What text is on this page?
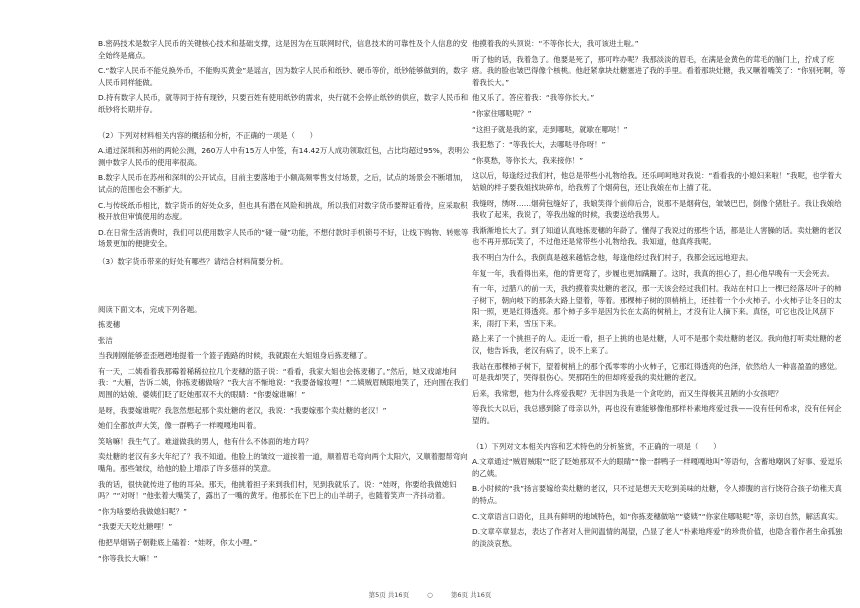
B.密码技术是数字人民币的关键核心技术和基础支撑，这是因为在互联网时代，信息技术的可靠性及个人信息的安全始终是痛点。

C.“数字人民币不能兑换外币，不能购买黄金”是谣言，因为数字人民币和纸钞、硬币等价，纸钞能够做到的，数字人民币同样能做。

D.持有数字人民币，就等同于持有现钞，只要百姓有使用纸钞的需求，央行就不会停止纸钞的供应，数字人民币和纸钞将长期并存。

（2）下列对材料相关内容的概括和分析，不正确的一项是（　　）

A.通过深圳和苏州的两轮公测，260万人中有15万人中签，有14.42万人成功领取红包，占比均超过95%，表明公测中数字人民币的使用率很高。

B.数字人民币在苏州和深圳的公开试点，目前主要落地于小额高频零售支付场景，之后，试点的场景会不断增加，试点的范围也会不断扩大。

C.与传统纸币相比，数字货币的好处众多，但也具有潜在风险和挑战，所以我们对数字货币要辩证看待，应采取积极开放但审慎使用的态度。

D.在日常生活消费时，我们可以使用数字人民币的“碰一碰”功能，不想付款时手机锁号不好，让线下购物、转账等场景更加的便捷安全。

（3）数字货币带来的好处有哪些？请结合材料简要分析。

阅读下面文本，完成下列各题。

拣麦穗

张洁

当我刚刚能够歪歪趔趔地提着一个篮子跑路的时候，我就跟在大姐姐身后拣麦穗了。

有一天，二姨看着我那霉着稀稀拉拉几个麦穗的篮子说：“看看，我家大姐也会拣麦穗了。”然后，她又戏谑地问我：“大雁，告诉二姨，你拣麦穗做啥？”我大言不惭地说：“我要备嫁妆哩！”二姨贼眉贼眼地笑了，还向围在我们周围的姑娘、婆姨们眨了眨她那双不大的眼睛：“你要嫁谁嘛！”

是呀，我要嫁谁呢？我忽然想起那个卖灶糖的老汉，我说：“我要嫁那个卖灶糖的老汉！”

她们全都放声大笑，像一群鸭子一样嘎嘎地叫着。

笑啥嘛！我生气了。难道做我的男人，他有什么不体面的地方吗？

卖灶糖的老汉有多大年纪了？我不知道。他脸上的皱纹一道挨着一道，顺着眉毛弯向两个太阳穴，又顺着腮帮弯向嘴角。那些皱纹，给他的脸上增添了许多慈祥的笑意。

我的话，很快就传进了他的耳朵。那天，他挑着担子来到我们村，见到我就乐了。说：“娃呀，你要给我做媳妇吗？”“对呀！”他张着大嘴笑了，露出了一嘴的黄牙。他那长在下巴上的山羊胡子，也随着笑声一齐抖动着。

“你为啥要给我做媳妇呢？”

“我要天天吃灶糖哩！”

他把旱烟锅子朝鞋底上磕着：“娃呀，你太小哩。”

“你等我长大嘛！”

他摸着我的头顶说：“不等你长大，我可该进土啦。”

听了他的话，我着急了。他要是死了，那可咋办呢？我那淡淡的眉毛，在满是金黄色的茸毛的脑门上，拧成了疙瘩。我的脸也皱巴得像个核桃。他赶紧拿块灶糖塞进了我的手里。看着那块灶糖，我又噘着嘴笑了：“你别死啊，等着我长大。”

他又乐了。答应着我：“我等你长大。”

“你家住哪哒呢？”

“这担子就是我的家，走到哪哒，就歇在哪哒！”

我犯愁了：“等我长大，去哪哒寻你呀！”

“你莫愁，等你长大，我来接你！”

这以后，每逢经过我们村，他总是带些小礼物给我。还乐呵呵地对我说：“看看我的小媳妇来啦！”我呢，也学着大姑娘的样子要我姐找块碎布，给我剪了个烟荷包，还让我娘在布上描了花。

我缝呀，绣呀……烟荷包缝好了，我娘笑得个前仰后合，说那不是烟荷包，皱皱巴巴，倒像个猪肚子。我让我娘给我收了起来，我说了，等我出嫁的时候，我要送给我男人。

我渐渐地长大了。到了知道认真地拣麦穗的年龄了。懂得了我说过的那些个话，都是让人害臊的话。卖灶糖的老汉也不再开那玩笑了，不过他还是常带些小礼物给我。我知道，他真疼我呢。

我不明白为什么，我倒真是越来越惦念他，每逢他经过我们村子，我都会远远地迎去。

年复一年，我看得出来，他的背更弯了，步履也更加蹒跚了。这时，我真的担心了，担心他早晚有一天会死去。

有一年，过腊八的前一天，我约摸着卖灶糖的老汉，那一天该会经过我们村。我站在村口上一棵已经落尽叶子的柿子树下，朝向岐下的那条大路上望着，等着。那棵柿子树的顶梢梢上，还挂着一个小火柿子。小火柿子让冬日的太阳一照，更是红得透亮。那个柿子多半是因为长在太高的树梢上，才没有让人摘下来。真怪，可它也没让风刮下来，雨打下来，雪压下来。

路上来了一个挑担子的人。走近一看，担子上挑的也是灶糖，人可不是那个卖灶糖的老汉。我向他打听卖灶糖的老汉，他告诉我，老汉有病了，说不上来了。

我站在那棵柿子树下，望着树梢上的那个孤零零的小火柿子，它那红得透亮的色泽，依然给人一种喜盈盈的感觉。可是我却哭了，哭得很伤心。哭那陌生的但却疼爱我的卖灶糖的老汉。

后来，我常想，他为什么疼爱我呢？无非因为我是一个贪吃的，而又生得极其丑陋的小女孩吧？

等我长大以后，我总感到除了母亲以外，再也没有谁能够像他那样朴素地疼爱过我——没有任何希求，没有任何企望的。

（1）下列对文本相关内容和艺术特色的分析鉴赏，不正确的一项是（　　）

A.文章通过“贼眉贼眼”“眨了眨她那双不大的眼睛”“像一群鸭子一样嘎嘎地叫”等语句，含蓄地嘲讽了好事、爱逗乐的乙姨。

B.小时候的“我”扬言要嫁给卖灶糖的老汉，只不过是想天天吃到美味的灶糖，令人捧腹的言行饶符合孩子幼稚天真的特点。

C.文章语言口语化，且具有鲜明的地域特色，如“你拣麦穗做啥”“婆姨”“你家住哪哒呢”等，亲切自然，解活真实。

D.文章卒章显志，表达了作者对人世间温情的渴望，凸显了老人“朴素地疼爱”的珍贵价值，也隐含着作者生命孤独的淡淡哀愁。

第5页 共16页	○	第6页 共16页
